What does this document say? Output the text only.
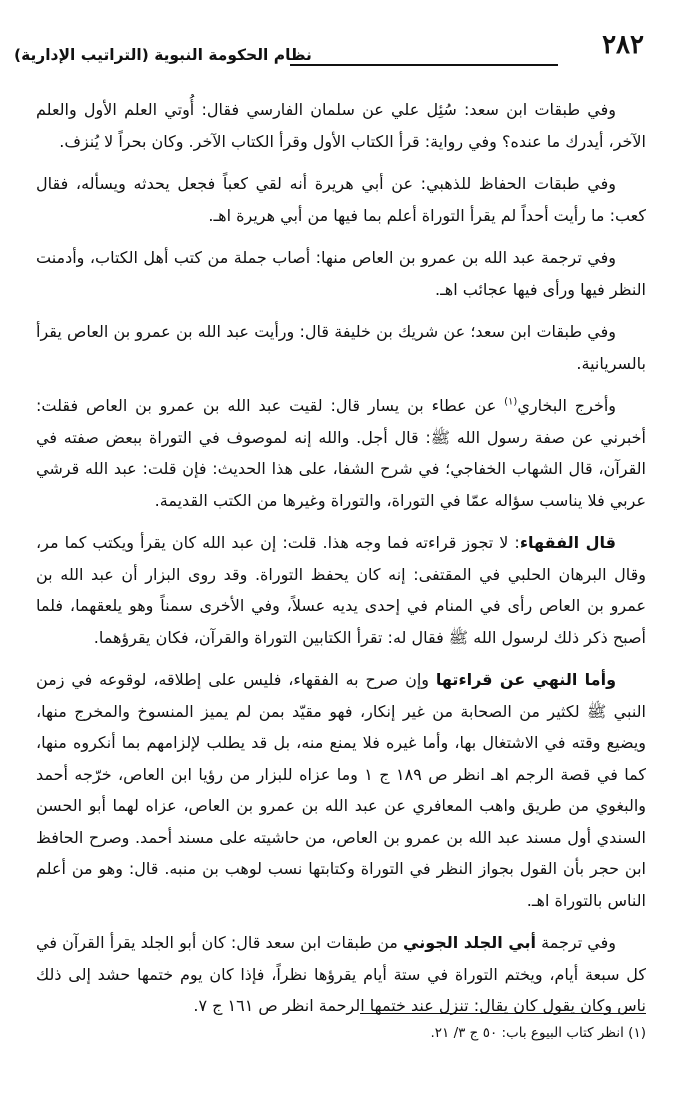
٢٨٢
نظام الحكومة النبوية (التراتيب الإدارية)

وفي طبقات ابن سعد: سُئِل علي عن سلمان الفارسي فقال: أُوتي العلم الأول والعلم الآخر، أيدرك ما عنده؟ وفي رواية: قرأ الكتاب الأول وقرأ الكتاب الآخر. وكان بحراً لا يُنزف.

وفي طبقات الحفاظ للذهبي: عن أبي هريرة أنه لقي كعباً فجعل يحدثه ويسأله، فقال كعب: ما رأيت أحداً لم يقرأ التوراة أعلم بما فيها من أبي هريرة اهـ.

وفي ترجمة عبد الله بن عمرو بن العاص منها: أصاب جملة من كتب أهل الكتاب، وأدمنت النظر فيها ورأى فيها عجائب اهـ.

وفي طبقات ابن سعد؛ عن شريك بن خليفة قال: ورأيت عبد الله بن عمرو بن العاص يقرأ بالسريانية.

وأخرج البخاري$^{(١)}$ عن عطاء بن يسار قال: لقيت عبد الله بن عمرو بن العاص فقلت: أخبرني عن صفة رسول الله ﷺ: قال أجل. والله إنه لموصوف في التوراة ببعض صفته في القرآن، قال الشهاب الخفاجي؛ في شرح الشفا، على هذا الحديث: فإن قلت: عبد الله قرشي عربي فلا يناسب سؤاله عمّا في التوراة، والتوراة وغيرها من الكتب القديمة.

قال الفقهاء: لا تجوز قراءته فما وجه هذا. قلت: إن عبد الله كان يقرأ ويكتب كما مر، وقال البرهان الحلبي في المقتفى: إنه كان يحفظ التوراة. وقد روى البزار أن عبد الله بن عمرو بن العاص رأى في المنام في إحدى يديه عسلاً، وفي الأخرى سمناً وهو يلعقهما، فلما أصبح ذكر ذلك لرسول الله ﷺ فقال له: تقرأ الكتابين التوراة والقرآن، فكان يقرؤهما.

وأما النهي عن قراءتها وإن صرح به الفقهاء، فليس على إطلاقه، لوقوعه في زمن النبي ﷺ لكثير من الصحابة من غير إنكار، فهو مقيّد بمن لم يميز المنسوخ والمخرج منها، ويضيع وقته في الاشتغال بها، وأما غيره فلا يمنع منه، بل قد يطلب لإلزامهم بما أنكروه منها، كما في قصة الرجم اهـ انظر ص ١٨٩ ج ١ وما عزاه للبزار من رؤيا ابن العاص، خرّجه أحمد والبغوي من طريق واهب المعافري عن عبد الله بن عمرو بن العاص، عزاه لهما أبو الحسن السندي أول مسند عبد الله بن عمرو بن العاص، من حاشيته على مسند أحمد. وصرح الحافظ ابن حجر بأن القول بجواز النظر في التوراة وكتابتها نسب لوهب بن منبه. قال: وهو من أعلم الناس بالتوراة اهـ.

وفي ترجمة أبي الجلد الجوني من طبقات ابن سعد قال: كان أبو الجلد يقرأ القرآن في كل سبعة أيام، ويختم التوراة في ستة أيام يقرؤها نظراً، فإذا كان يوم ختمها حشد إلى ذلك ناس وكان يقول كان يقال: تنزل عند ختمها الرحمة انظر ص ١٦١ ج ٧.

(١) انظر كتاب البيوع باب: ٥٠ ج ٣/ ٢١.
